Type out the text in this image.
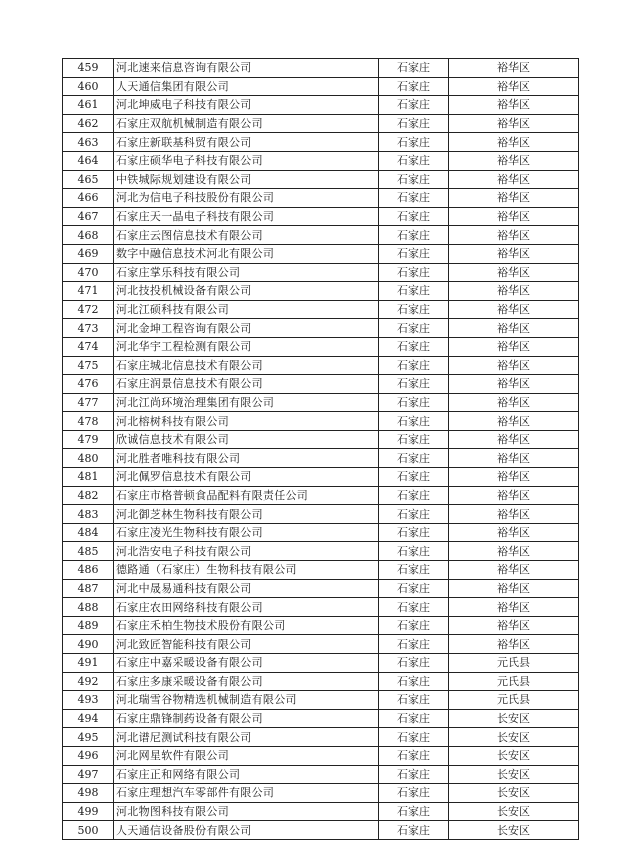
459	河北速来信息咨询有限公司	石家庄	裕华区
460	人天通信集团有限公司	石家庄	裕华区
461	河北坤威电子科技有限公司	石家庄	裕华区
462	石家庄双航机械制造有限公司	石家庄	裕华区
463	石家庄新联基科贸有限公司	石家庄	裕华区
464	石家庄硕华电子科技有限公司	石家庄	裕华区
465	中铁城际规划建设有限公司	石家庄	裕华区
466	河北为信电子科技股份有限公司	石家庄	裕华区
467	石家庄天一晶电子科技有限公司	石家庄	裕华区
468	石家庄云图信息技术有限公司	石家庄	裕华区
469	数字中融信息技术河北有限公司	石家庄	裕华区
470	石家庄掌乐科技有限公司	石家庄	裕华区
471	河北技投机械设备有限公司	石家庄	裕华区
472	河北江硕科技有限公司	石家庄	裕华区
473	河北金坤工程咨询有限公司	石家庄	裕华区
474	河北华宇工程检测有限公司	石家庄	裕华区
475	石家庄城北信息技术有限公司	石家庄	裕华区
476	石家庄润景信息技术有限公司	石家庄	裕华区
477	河北江尚环境治理集团有限公司	石家庄	裕华区
478	河北榕树科技有限公司	石家庄	裕华区
479	欣诚信息技术有限公司	石家庄	裕华区
480	河北胜者唯科技有限公司	石家庄	裕华区
481	河北佩罗信息技术有限公司	石家庄	裕华区
482	石家庄市格普顿食品配料有限责任公司	石家庄	裕华区
483	河北御芝林生物科技有限公司	石家庄	裕华区
484	石家庄凌光生物科技有限公司	石家庄	裕华区
485	河北浩安电子科技有限公司	石家庄	裕华区
486	德路通（石家庄）生物科技有限公司	石家庄	裕华区
487	河北中晟易通科技有限公司	石家庄	裕华区
488	石家庄农田网络科技有限公司	石家庄	裕华区
489	石家庄禾柏生物技术股份有限公司	石家庄	裕华区
490	河北致匠智能科技有限公司	石家庄	裕华区
491	石家庄中嘉采暖设备有限公司	石家庄	元氏县
492	石家庄多康采暖设备有限公司	石家庄	元氏县
493	河北瑞雪谷物精选机械制造有限公司	石家庄	元氏县
494	石家庄鼎锋制药设备有限公司	石家庄	长安区
495	河北谱尼测试科技有限公司	石家庄	长安区
496	河北网星软件有限公司	石家庄	长安区
497	石家庄正和网络有限公司	石家庄	长安区
498	石家庄理想汽车零部件有限公司	石家庄	长安区
499	河北物图科技有限公司	石家庄	长安区
500	人天通信设备股份有限公司	石家庄	长安区
